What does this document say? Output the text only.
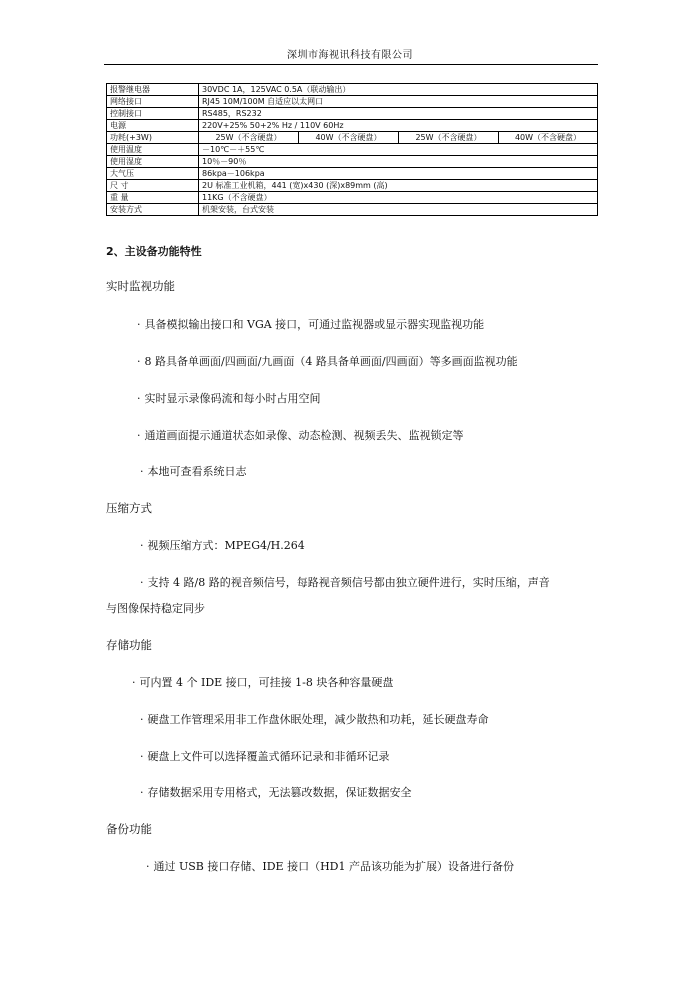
深圳市海视讯科技有限公司
报警继电器	30VDC 1A，125VAC 0.5A（联动输出）			
网络接口	RJ45 10M/100M 自适应以太网口			
控制接口	RS485，RS232			
电源	220V+25% 50+2% Hz / 110V 60Hz			
功耗(+3W)	25W（不含硬盘）	40W（不含硬盘）	25W（不含硬盘）	40W（不含硬盘）
使用温度	－10℃－＋55℃			
使用湿度	10％－90％			
大气压	86kpa－106kpa			
尺 寸	2U 标准工业机箱，441 (宽)x430 (深)x89mm (高)			
重 量	11KG（不含硬盘）			
安装方式	机架安装，台式安装			
2、主设备功能特性
实时监视功能
· 具备模拟输出接口和 VGA 接口，可通过监视器或显示器实现监视功能
· 8 路具备单画面/四画面/九画面（4 路具备单画面/四画面）等多画面监视功能
· 实时显示录像码流和每小时占用空间
· 通道画面提示通道状态如录像、动态检测、视频丢失、监视锁定等
· 本地可查看系统日志
压缩方式
· 视频压缩方式：MPEG4/H.264
· 支持 4 路/8 路的视音频信号，每路视音频信号都由独立硬件进行，实时压缩，声音
与图像保持稳定同步
存储功能
· 可内置 4 个 IDE 接口，可挂接 1-8 块各种容量硬盘
· 硬盘工作管理采用非工作盘休眠处理，减少散热和功耗，延长硬盘寿命
· 硬盘上文件可以选择覆盖式循环记录和非循环记录
· 存储数据采用专用格式，无法篡改数据，保证数据安全
备份功能
· 通过 USB 接口存储、IDE 接口（HD1 产品该功能为扩展）设备进行备份
